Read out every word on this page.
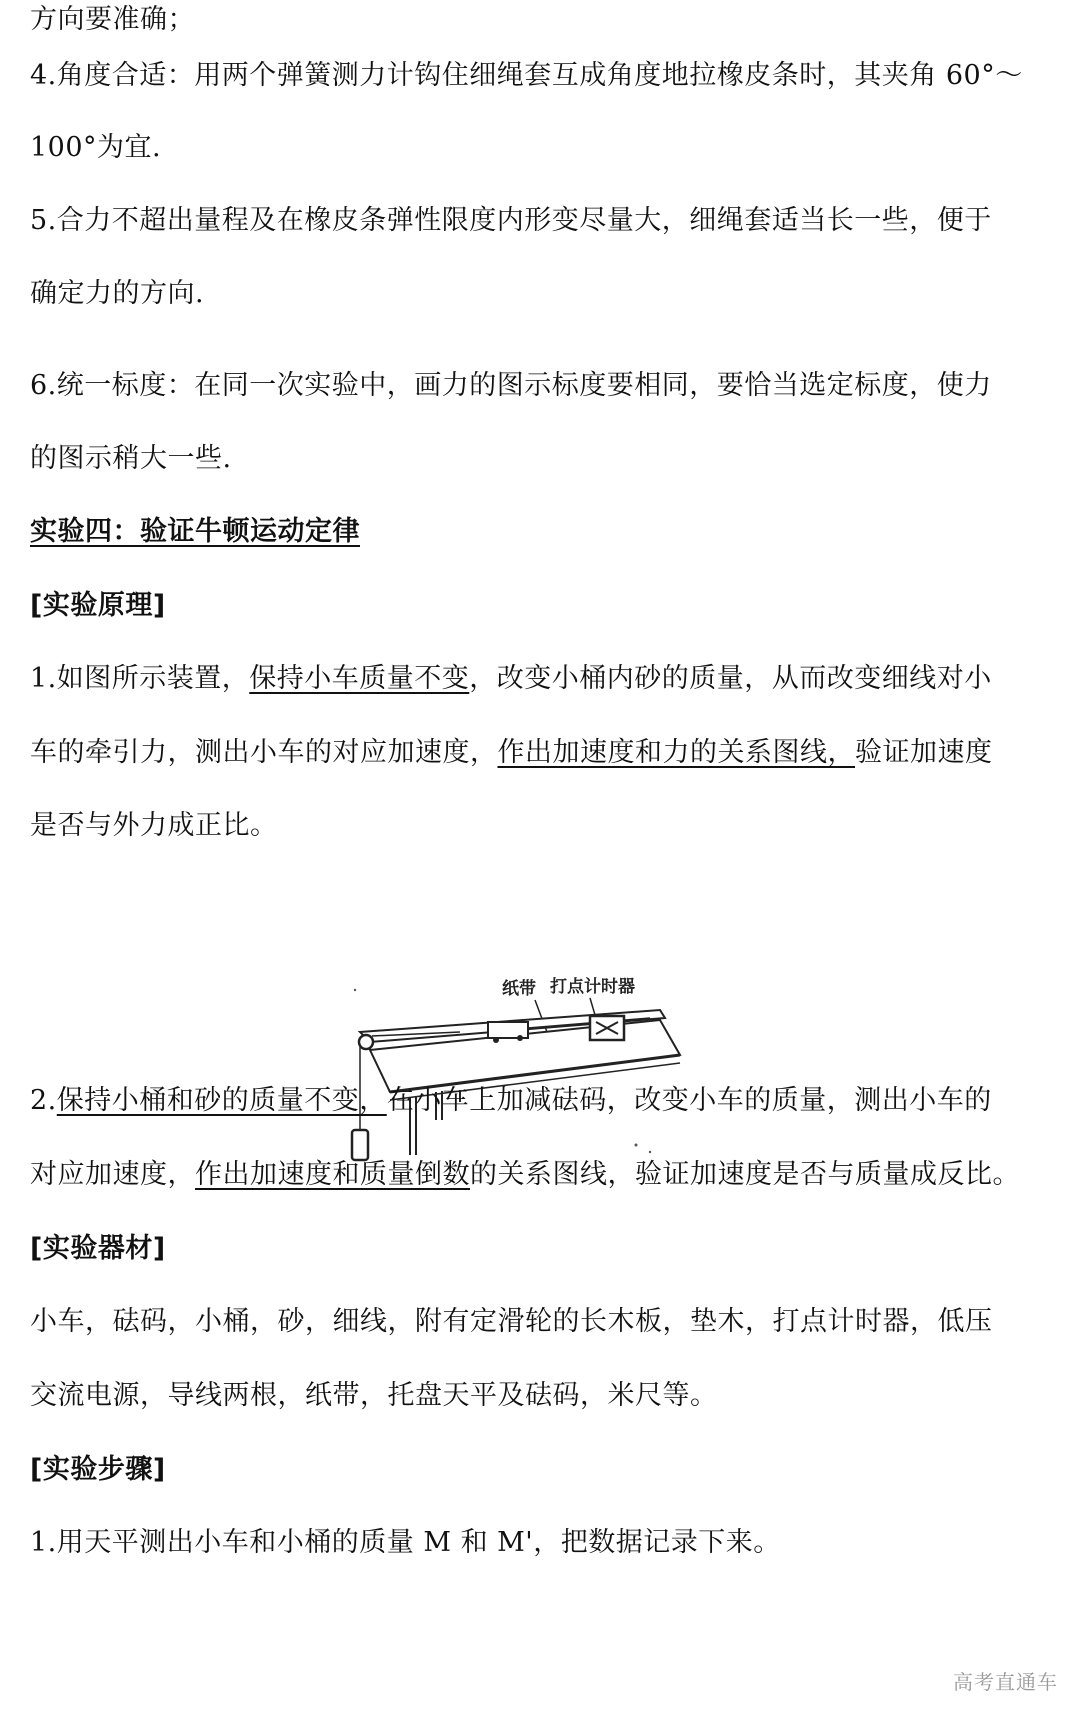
方向要准确；
4.角度合适：用两个弹簧测力计钩住细绳套互成角度地拉橡皮条时，其夹角 60°～
100°为宜.
5.合力不超出量程及在橡皮条弹性限度内形变尽量大，细绳套适当长一些，便于
确定力的方向.
6.统一标度：在同一次实验中，画力的图示标度要相同，要恰当选定标度，使力
的图示稍大一些.
实验四：验证牛顿运动定律
[实验原理]
1.如图所示装置，保持小车质量不变，改变小桶内砂的质量，从而改变细线对小
车的牵引力，测出小车的对应加速度，作出加速度和力的关系图线，验证加速度
是否与外力成正比。
纸带 打点计时器
2.保持小桶和砂的质量不变，在小车上加减砝码，改变小车的质量，测出小车的
对应加速度，作出加速度和质量倒数的关系图线，验证加速度是否与质量成反比。
[实验器材]
小车，砝码，小桶，砂，细线，附有定滑轮的长木板，垫木，打点计时器，低压
交流电源，导线两根，纸带，托盘天平及砝码，米尺等。
[实验步骤]
1.用天平测出小车和小桶的质量 M 和 M'，把数据记录下来。
高考直通车
